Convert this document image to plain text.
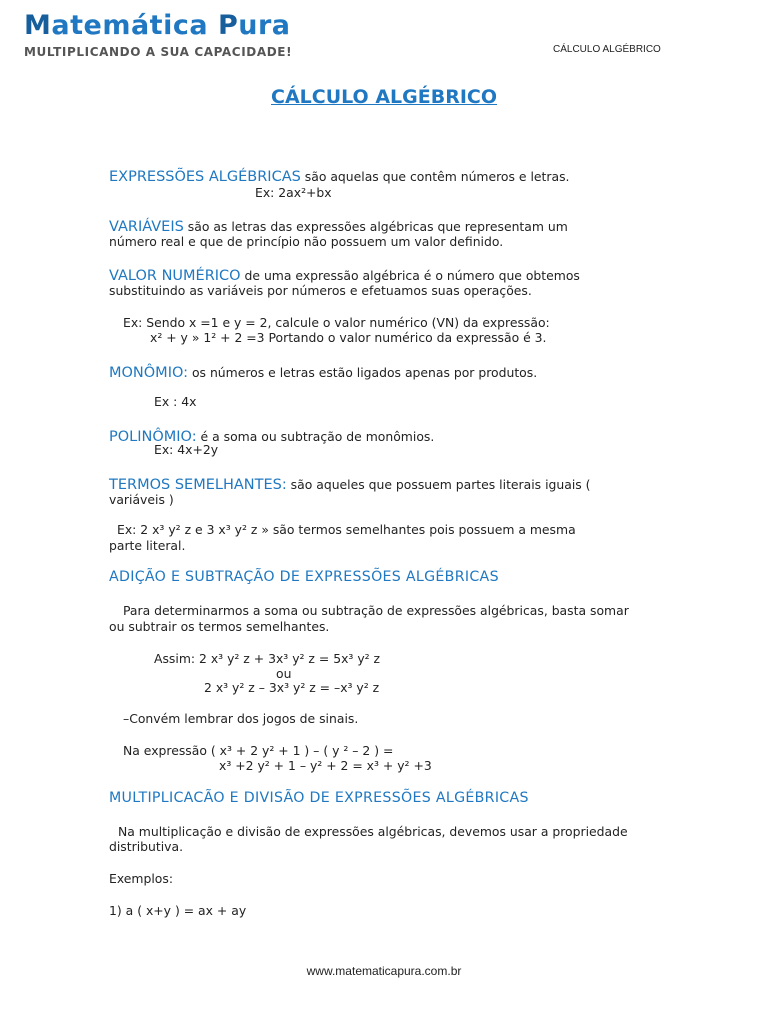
Matemática Pura
MULTIPLICANDO A SUA CAPACIDADE!	CÁLCULO ALGÉBRICO
CÁLCULO ALGÉBRICO
EXPRESSÕES ALGÉBRICAS são aquelas que contêm números e letras.
Ex: 2ax²+bx
VARIÁVEIS são as letras das expressões algébricas que representam um
número real e que de princípio não possuem um valor definido.
VALOR NUMÉRICO de uma expressão algébrica é o número que obtemos
substituindo as variáveis por números e efetuamos suas operações.
Ex: Sendo x =1 e y = 2, calcule o valor numérico (VN) da expressão:
x² + y » 1² + 2 =3 Portando o valor numérico da expressão é 3.
MONÔMIO: os números e letras estão ligados apenas por produtos.
Ex : 4x
POLINÔMIO: é a soma ou subtração de monômios.
Ex: 4x+2y
TERMOS SEMELHANTES: são aqueles que possuem partes literais iguais (
variáveis )
Ex: 2 x³ y² z e 3 x³ y² z » são termos semelhantes pois possuem a mesma
parte literal.
ADIÇÃO E SUBTRAÇÃO DE EXPRESSÕES ALGÉBRICAS
Para determinarmos a soma ou subtração de expressões algébricas, basta somar
ou subtrair os termos semelhantes.
Assim: 2 x³ y² z + 3x³ y² z = 5x³ y² z
ou
2 x³ y² z – 3x³ y² z = –x³ y² z
–Convém lembrar dos jogos de sinais.
Na expressão ( x³ + 2 y² + 1 ) – ( y ² – 2 ) =
x³ +2 y² + 1 – y² + 2 = x³ + y² +3
MULTIPLICACÃO E DIVISÃO DE EXPRESSÕES ALGÉBRICAS
Na multiplicação e divisão de expressões algébricas, devemos usar a propriedade
distributiva.
Exemplos:
1) a ( x+y ) = ax + ay
www.matematicapura.com.br
